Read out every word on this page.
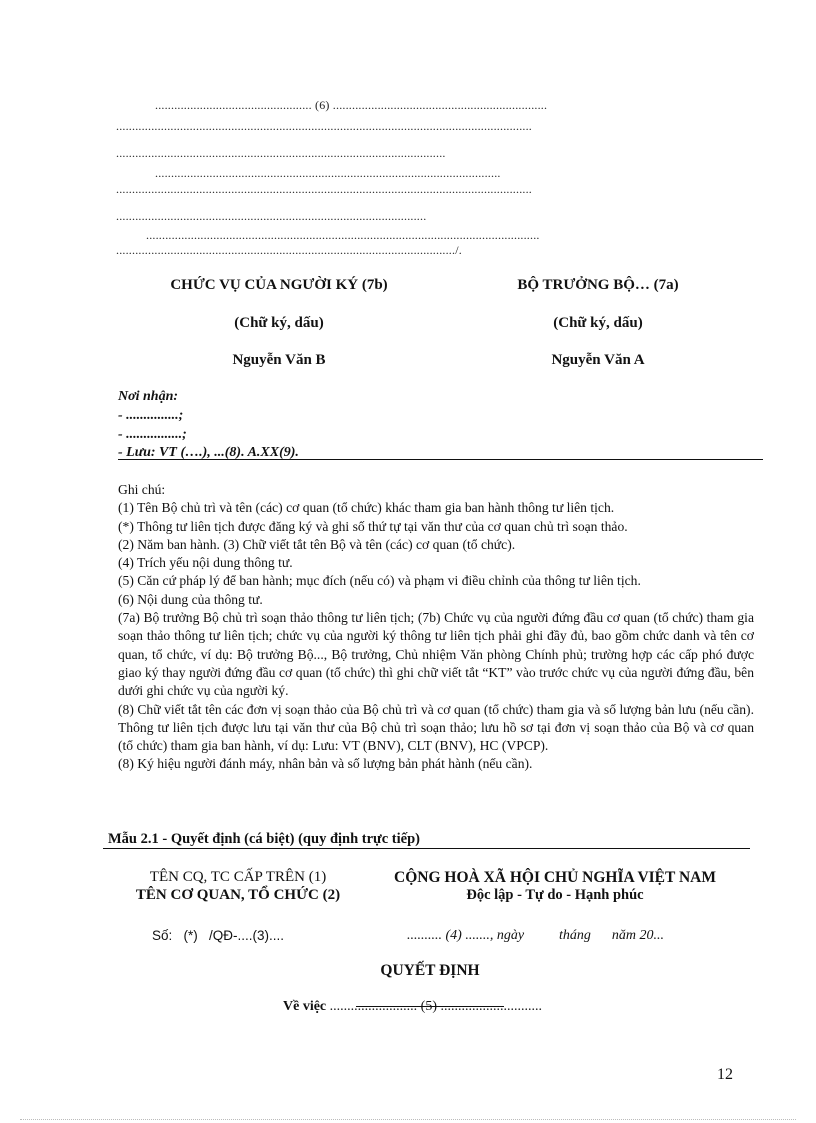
................................................. (6) ...................................................................
..................................................................................................................................
.......................................................................................................
............................................................................................................
..................................................................................................................................
.................................................................................................
...........................................................................................................................
........................................................................................................../.
CHỨC VỤ CỦA NGƯỜI KÝ (7b)
(Chữ ký, dấu)
Nguyễn Văn B
BỘ TRƯỞNG BỘ… (7a)
(Chữ ký, dấu)
Nguyễn Văn A
Nơi nhận:
- ...............;
- ................;
- Lưu: VT (….), ...(8). A.XX(9).
Ghi chú:
(1) Tên Bộ chủ trì và tên (các) cơ quan (tổ chức) khác tham gia ban hành thông tư liên tịch.
(*) Thông tư liên tịch được đăng ký và ghi số thứ tự tại văn thư của cơ quan chủ trì soạn thảo.
(2) Năm ban hành. (3) Chữ viết tắt tên Bộ và tên (các) cơ quan (tổ chức).
(4) Trích yếu nội dung thông tư.
(5) Căn cứ pháp lý để ban hành; mục đích (nếu có) và phạm vi điều chỉnh của thông tư liên tịch.
(6) Nội dung của thông tư.
(7a) Bộ trưởng Bộ chủ trì soạn thảo thông tư liên tịch; (7b) Chức vụ của người đứng đầu cơ quan (tổ chức) tham gia soạn thảo thông tư liên tịch; chức vụ của người ký thông tư liên tịch phải ghi đầy đủ, bao gồm chức danh và tên cơ quan, tổ chức, ví dụ: Bộ trưởng Bộ..., Bộ trưởng, Chủ nhiệm Văn phòng Chính phủ; trường hợp các cấp phó được giao ký thay người đứng đầu cơ quan (tổ chức) thì ghi chữ viết tắt “KT” vào trước chức vụ của người đứng đầu, bên dưới ghi chức vụ của người ký.
(8) Chữ viết tắt tên các đơn vị soạn thảo của Bộ chủ trì và cơ quan (tổ chức) tham gia và số lượng bản lưu (nếu cần). Thông tư liên tịch được lưu tại văn thư của Bộ chủ trì soạn thảo; lưu hồ sơ tại đơn vị soạn thảo của Bộ và cơ quan (tổ chức) tham gia ban hành, ví dụ: Lưu: VT (BNV), CLT (BNV), HC (VPCP).
(8) Ký hiệu người đánh máy, nhân bản và số lượng bản phát hành (nếu cần).
Mẫu 2.1 - Quyết định (cá biệt) (quy định trực tiếp)
TÊN CQ, TC CẤP TRÊN (1)
TÊN CƠ QUAN, TỔ CHỨC (2)
CỘNG HOÀ XÃ HỘI CHỦ NGHĨA VIỆT NAM
Độc lập - Tự do - Hạnh phúc
Số:   (*)   /QĐ-....(3)....	.......... (4) ......., ngày          tháng      năm 20...
QUYẾT ĐỊNH

Về việc ......................... (5) .............................

12
